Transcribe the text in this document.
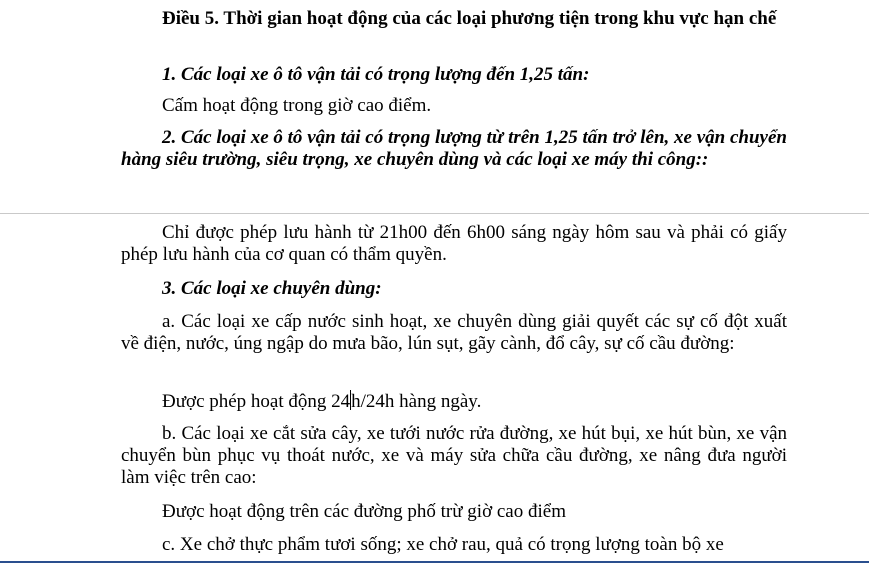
Điều 5. Thời gian hoạt động của các loại phương tiện trong khu vực hạn chế

1. Các loại xe ô tô vận tải có trọng lượng đến 1,25 tấn:

Cấm hoạt động trong giờ cao điểm.

2. Các loại xe ô tô vận tải có trọng lượng từ trên 1,25 tấn trở lên, xe vận chuyển hàng siêu trường, siêu trọng, xe chuyên dùng và các loại xe máy thi công::

Chỉ được phép lưu hành từ 21h00 đến 6h00 sáng ngày hôm sau và phải có giấy phép lưu hành của cơ quan có thẩm quyền.

3. Các loại xe chuyên dùng:

a. Các loại xe cấp nước sinh hoạt, xe chuyên dùng giải quyết các sự cố đột xuất về điện, nước, úng ngập do mưa bão, lún sụt, gãy cành, đổ cây, sự cố cầu đường:

Được phép hoạt động 24h/24h hàng ngày.

b. Các loại xe cắt sửa cây, xe tưới nước rửa đường, xe hút bụi, xe hút bùn, xe vận chuyển bùn phục vụ thoát nước, xe và máy sửa chữa cầu đường, xe nâng đưa người làm việc trên cao:

Được hoạt động trên các đường phố trừ giờ cao điểm

c. Xe chở thực phẩm tươi sống; xe chở rau, quả có trọng lượng toàn bộ xe
